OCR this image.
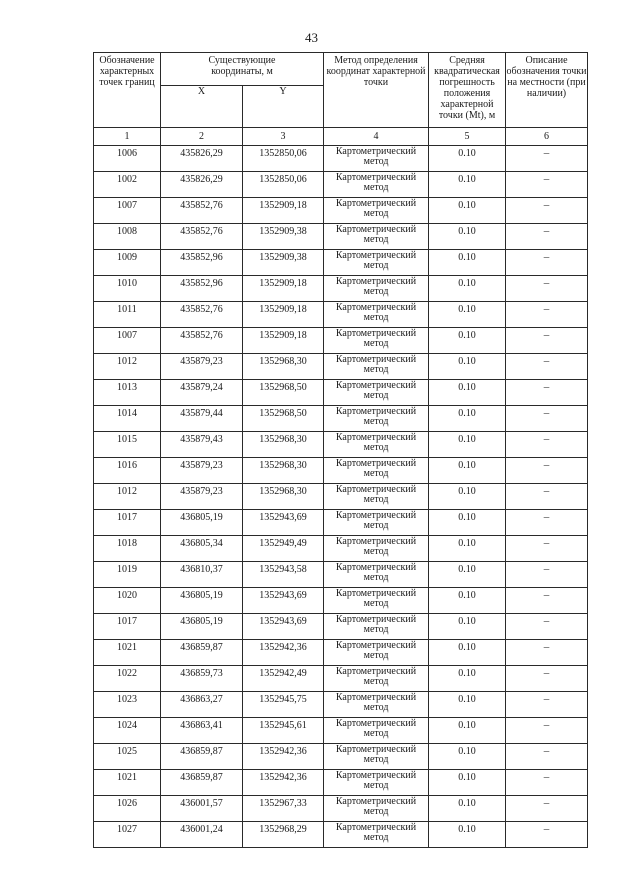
43
Обозначение характерных точек границ	Существующие координаты, м		Метод определения координат характерной точки	Средняя квадратическая погрешность положения характерной точки (Mt), м	Описание обозначения точки на местности (при наличии)
	X	Y			
1	2	3	4	5	6
1006	435826,29	1352850,06	Картометрический метод	0.10	–
1002	435826,29	1352850,06	Картометрический метод	0.10	–
1007	435852,76	1352909,18	Картометрический метод	0.10	–
1008	435852,76	1352909,38	Картометрический метод	0.10	–
1009	435852,96	1352909,38	Картометрический метод	0.10	–
1010	435852,96	1352909,18	Картометрический метод	0.10	–
1011	435852,76	1352909,18	Картометрический метод	0.10	–
1007	435852,76	1352909,18	Картометрический метод	0.10	–
1012	435879,23	1352968,30	Картометрический метод	0.10	–
1013	435879,24	1352968,50	Картометрический метод	0.10	–
1014	435879,44	1352968,50	Картометрический метод	0.10	–
1015	435879,43	1352968,30	Картометрический метод	0.10	–
1016	435879,23	1352968,30	Картометрический метод	0.10	–
1012	435879,23	1352968,30	Картометрический метод	0.10	–
1017	436805,19	1352943,69	Картометрический метод	0.10	–
1018	436805,34	1352949,49	Картометрический метод	0.10	–
1019	436810,37	1352943,58	Картометрический метод	0.10	–
1020	436805,19	1352943,69	Картометрический метод	0.10	–
1017	436805,19	1352943,69	Картометрический метод	0.10	–
1021	436859,87	1352942,36	Картометрический метод	0.10	–
1022	436859,73	1352942,49	Картометрический метод	0.10	–
1023	436863,27	1352945,75	Картометрический метод	0.10	–
1024	436863,41	1352945,61	Картометрический метод	0.10	–
1025	436859,87	1352942,36	Картометрический метод	0.10	–
1021	436859,87	1352942,36	Картометрический метод	0.10	–
1026	436001,57	1352967,33	Картометрический метод	0.10	–
1027	436001,24	1352968,29	Картометрический метод	0.10	–
